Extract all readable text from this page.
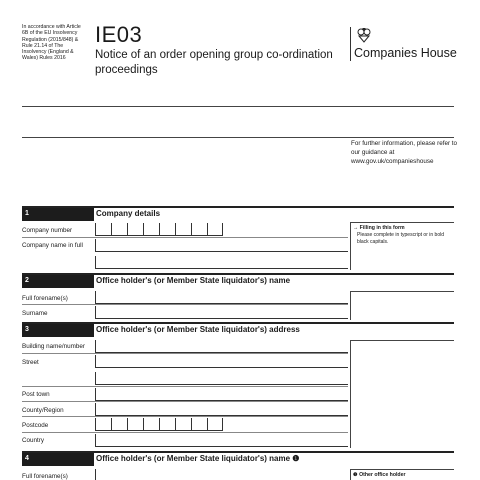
In accordance with Article 6B of the EU Insolvency Regulation (2015/848) & Rule 21.14 of The Insolvency (England & Wales) Rules 2016
IE03
Notice of an order opening group co-ordination proceedings
Companies House
For further information, please refer to our guidance at www.gov.uk/companieshouse
1	Company details
Company number
Company name in full
→ Filling in this form
Please complete in typescript or in bold black capitals.
2	Office holder's (or Member State liquidator's) name
Full forename(s)
Surname
3	Office holder's (or Member State liquidator's) address
Building name/number
Street
Post town
County/Region
Postcode
Country
4	Office holder's (or Member State liquidator's) name ❶
Full forename(s)	❶ Other office holder
